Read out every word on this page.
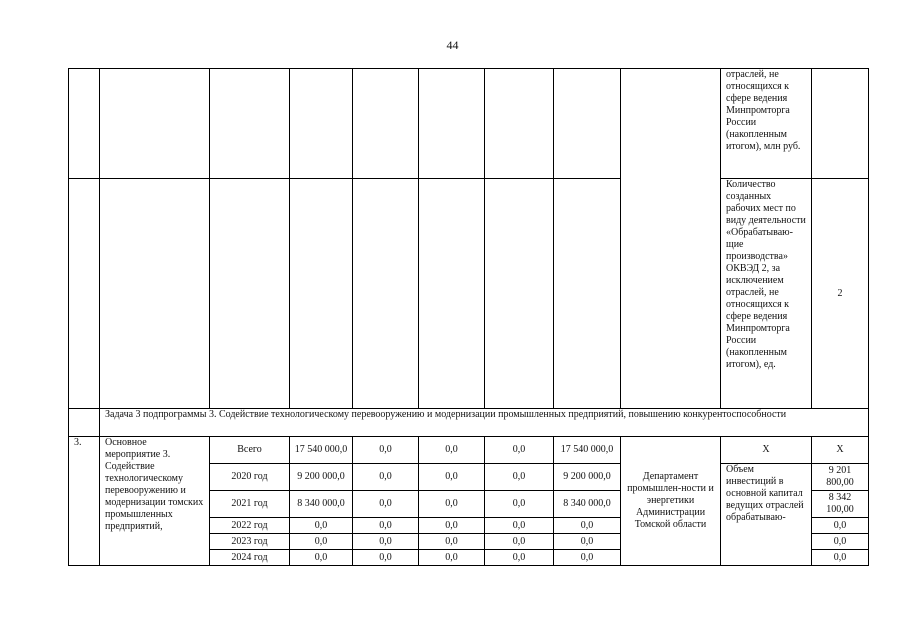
44
									отраслей, не относящихся к сфере ведения Минпромторга России (накопленным итогом), млн руб.	
									Количество созданных рабочих мест по виду деятельности «Обрабатываю-щие производства» ОКВЭД 2, за исключением отраслей, не относящихся к сфере ведения Минпромторга России (накопленным итогом), ед.	2
	Задача 3 подпрограммы 3. Содействие технологическому перевооружению и модернизации промышленных предприятий, повышению конкурентоспособности									
3.	Основное мероприятие 3. Содействие технологическому перевооружению и модернизации томских промышленных предприятий,	Всего	17 540 000,0	0,0	0,0	0,0	17 540 000,0	Департамент промышлен-ности и энергетики Администрации Томской области	Х	Х
		2020 год	9 200 000,0	0,0	0,0	0,0	9 200 000,0		Объем инвестиций в основной капитал ведущих отраслей обрабатываю-	9 201 800,00
		2021 год	8 340 000,0	0,0	0,0	0,0	8 340 000,0			8 342 100,00
		2022 год	0,0	0,0	0,0	0,0	0,0			0,0
		2023 год	0,0	0,0	0,0	0,0	0,0			0,0
		2024 год	0,0	0,0	0,0	0,0	0,0			0,0
